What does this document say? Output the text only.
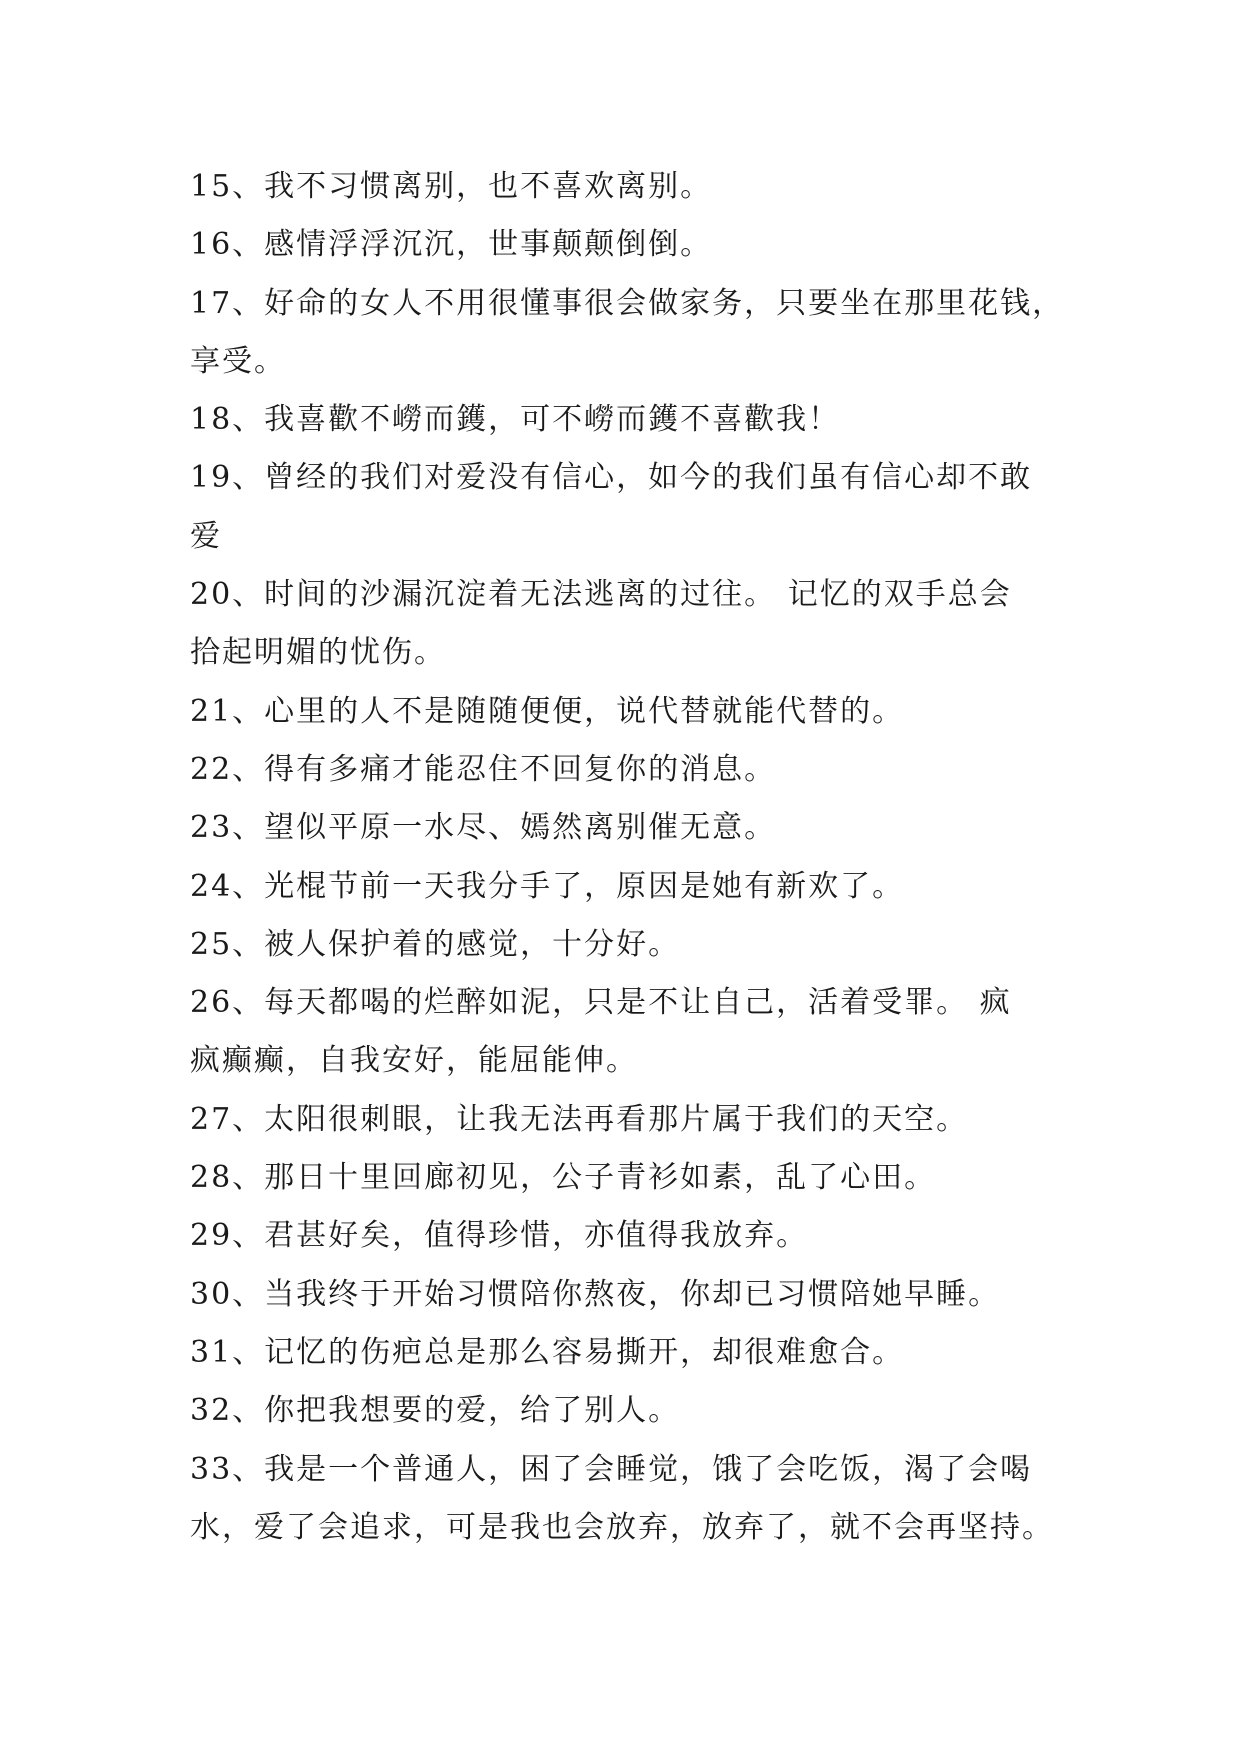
15、我不习惯离别，也不喜欢离别。
16、感情浮浮沉沉，世事颠颠倒倒。
17、好命的女人不用很懂事很会做家务，只要坐在那里花钱，
享受。
18、我喜歡不嶗而鑊，可不嶗而鑊不喜歡我！
19、曾经的我们对爱没有信心，如今的我们虽有信心却不敢
爱
20、时间的沙漏沉淀着无法逃离的过往。 记忆的双手总会
拾起明媚的忧伤。
21、心里的人不是随随便便，说代替就能代替的。
22、得有多痛才能忍住不回复你的消息。
23、望似平原一水尽、嫣然离别催无意。
24、光棍节前一天我分手了，原因是她有新欢了。
25、被人保护着的感觉，十分好。
26、每天都喝的烂醉如泥，只是不让自己，活着受罪。 疯
疯癫癫，自我安好，能屈能伸。
27、太阳很刺眼，让我无法再看那片属于我们的天空。
28、那日十里回廊初见，公子青衫如素，乱了心田。
29、君甚好矣，值得珍惜，亦值得我放弃。
30、当我终于开始习惯陪你熬夜，你却已习惯陪她早睡。
31、记忆的伤疤总是那么容易撕开，却很难愈合。
32、你把我想要的爱，给了别人。
33、我是一个普通人，困了会睡觉，饿了会吃饭，渴了会喝
水，爱了会追求，可是我也会放弃，放弃了，就不会再坚持。
